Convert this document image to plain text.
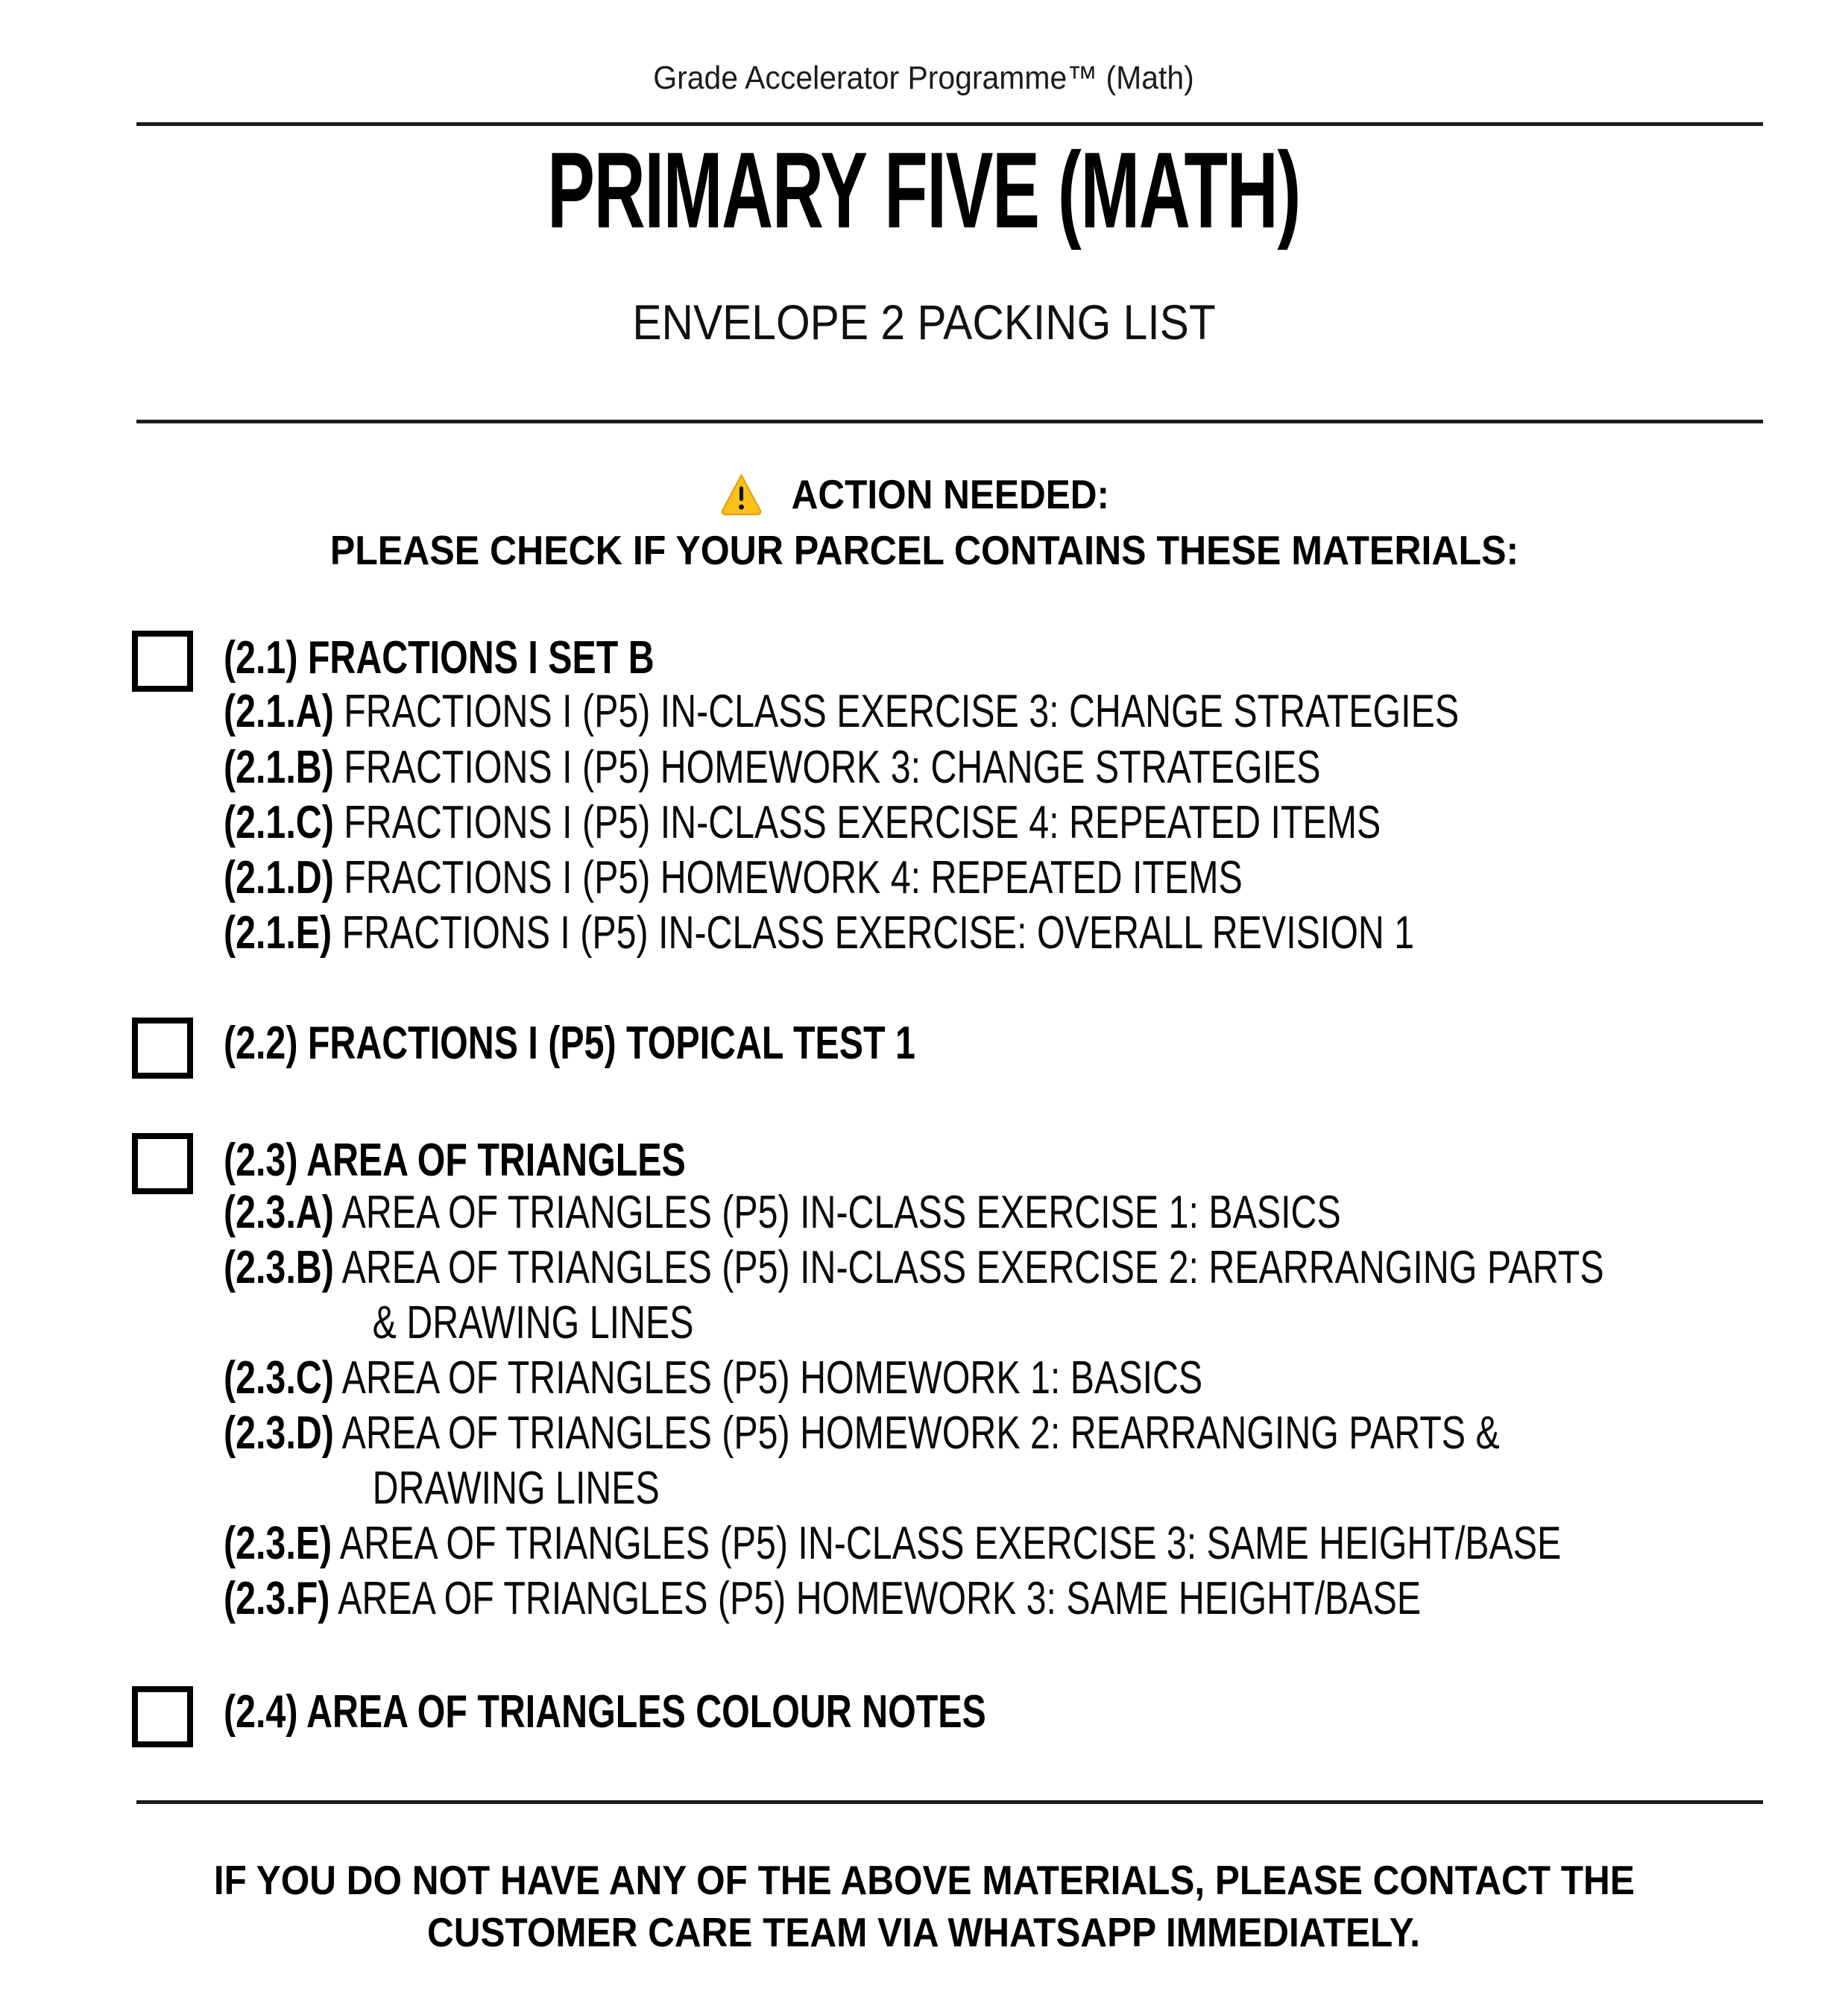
Grade Accelerator Programme™ (Math)
PRIMARY FIVE (MATH)
ENVELOPE 2 PACKING LIST
ACTION NEEDED:
PLEASE CHECK IF YOUR PARCEL CONTAINS THESE MATERIALS:
(2.1) FRACTIONS I SET B
(2.1.A) FRACTIONS I (P5) IN-CLASS EXERCISE 3: CHANGE STRATEGIES
(2.1.B) FRACTIONS I (P5) HOMEWORK 3: CHANGE STRATEGIES
(2.1.C) FRACTIONS I (P5) IN-CLASS EXERCISE 4: REPEATED ITEMS
(2.1.D) FRACTIONS I (P5) HOMEWORK 4: REPEATED ITEMS
(2.1.E) FRACTIONS I (P5) IN-CLASS EXERCISE: OVERALL REVISION 1
(2.2) FRACTIONS I (P5) TOPICAL TEST 1
(2.3) AREA OF TRIANGLES
(2.3.A) AREA OF TRIANGLES (P5) IN-CLASS EXERCISE 1: BASICS
(2.3.B) AREA OF TRIANGLES (P5) IN-CLASS EXERCISE 2: REARRANGING PARTS
& DRAWING LINES
(2.3.C) AREA OF TRIANGLES (P5) HOMEWORK 1: BASICS
(2.3.D) AREA OF TRIANGLES (P5) HOMEWORK 2: REARRANGING PARTS &
DRAWING LINES
(2.3.E) AREA OF TRIANGLES (P5) IN-CLASS EXERCISE 3: SAME HEIGHT/BASE
(2.3.F) AREA OF TRIANGLES (P5) HOMEWORK 3: SAME HEIGHT/BASE
(2.4) AREA OF TRIANGLES COLOUR NOTES
IF YOU DO NOT HAVE ANY OF THE ABOVE MATERIALS, PLEASE CONTACT THE
CUSTOMER CARE TEAM VIA WHATSAPP IMMEDIATELY.
